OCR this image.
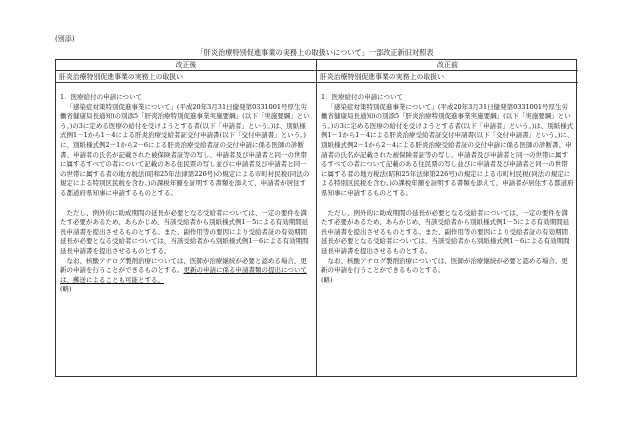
(別添)
「肝炎治療特別促進事業の実務上の取扱いについて」一部改正新旧対照表
改正後	改正前
肝炎治療特別促進事業の実務上の取扱い

1．医療給付の申請について

「感染症対策特別促進事業について」(平成20年3月31日健発第0331001号厚生労働省健康局長通知)の別添5「肝炎治療特別促進事業実施要綱」(以下「実施要綱」という。)の3に定める医療の給付を受けようとする者(以下「申請者」という。)は、別紙様式例1－1から1－4による肝炎治療受給者証交付申請書(以下「交付申請書」という。)に、別紙様式例2－1から2－6による肝炎治療受給者証の交付申請に係る医師の診断書、申請者の氏名が記載された被保険者証等の写し、申請者及び申請者と同一の世帯に属するすべての者について記載のある住民票の写し並びに申請者及び申請者と同一の世帯に属する者の地方税法(昭和25年法律第226号)の規定による市町村民税(同法の規定による特別区民税を含む。)の課税年額を証明する書類を添えて、申請者が居住する都道府県知事に申請するものとする。

ただし、例外的に助成期間の延長が必要となる受給者については、一定の要件を満たす必要があるため、あらかじめ、当該受給者から別紙様式例1－5による有効期間延長申請書を提出させるものとする。また、副作用等の要因により受給者証の有効期間延長が必要となる受給者については、当該受給者から別紙様式例1－6による有効期間延長申請書を提出させるものとする。

なお、核酸アナログ製剤治療については、医師が治療継続が必要と認める場合、更新の申請を行うことができるものとする。更新の申請に係る申請書類の提出については、郵送によることも可能とする。

(略)

肝炎治療特別促進事業の実務上の取扱い

1．医療給付の申請について

「感染症対策特別促進事業について」(平成20年3月31日健発第0331001号厚生労働省健康局長通知)の別添5「肝炎治療特別促進事業実施要綱」(以下「実施要綱」という。)の3に定める医療の給付を受けようとする者(以下「申請者」という。)は、別紙様式例1－1から1－4による肝炎治療受給者証交付申請書(以下「交付申請書」という。)に、別紙様式例2－1から2－4による肝炎治療受給者証の交付申請に係る医師の診断書、申請者の氏名が記載された被保険者証等の写し、申請者及び申請者と同一の世帯に属するすべての者について記載のある住民票の写し並びに申請者及び申請者と同一の世帯に属する者の地方税法(昭和25年法律第226号)の規定による市町村民税(同法の規定による特別区民税を含む。)の課税年額を証明する書類を添えて、申請者が居住する都道府県知事に申請するものとする。

ただし、例外的に助成期間の延長が必要となる受給者については、一定の要件を満たす必要があるため、あらかじめ、当該受給者から別紙様式例1－5による有効期間延長申請書を提出させるものとする。また、副作用等の要因により受給者証の有効期間延長が必要となる受給者については、当該受給者から別紙様式例1－6による有効期間延長申請書を提出させるものとする。

なお、核酸アナログ製剤治療については、医師が治療継続が必要と認める場合、更新の申請を行うことができるものとする。

(略)
